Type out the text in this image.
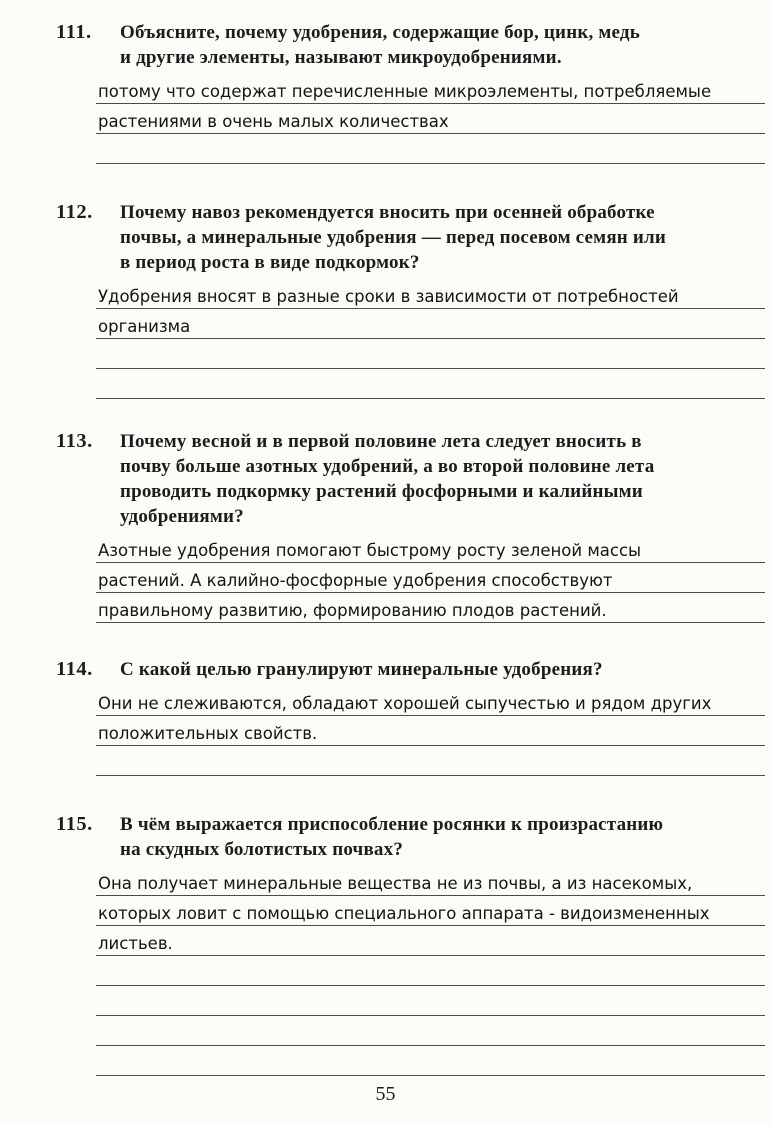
111. Объясните, почему удобрения, содержащие бор, цинк, медь
и другие элементы, называют микроудобрениями.
потому что содержат перечисленные микроэлементы, потребляемые
растениями в очень малых количествах
112. Почему навоз рекомендуется вносить при осенней обработке
почвы, а минеральные удобрения — перед посевом семян или
в период роста в виде подкормок?
Удобрения вносят в разные сроки в зависимости от потребностей
организма
113. Почему весной и в первой половине лета следует вносить в
почву больше азотных удобрений, а во второй половине лета
проводить подкормку растений фосфорными и калийными
удобрениями?
Азотные удобрения помогают быстрому росту зеленой массы
растений. А калийно-фосфорные удобрения способствуют
правильному развитию, формированию плодов растений.
114. С какой целью гранулируют минеральные удобрения?
Они не слеживаются, обладают хорошей сыпучестью и рядом других
положительных свойств.
115. В чём выражается приспособление росянки к произрастанию
на скудных болотистых почвах?
Она получает минеральные вещества не из почвы, а из насекомых,
которых ловит с помощью специального аппарата - видоизмененных
листьев.
55
